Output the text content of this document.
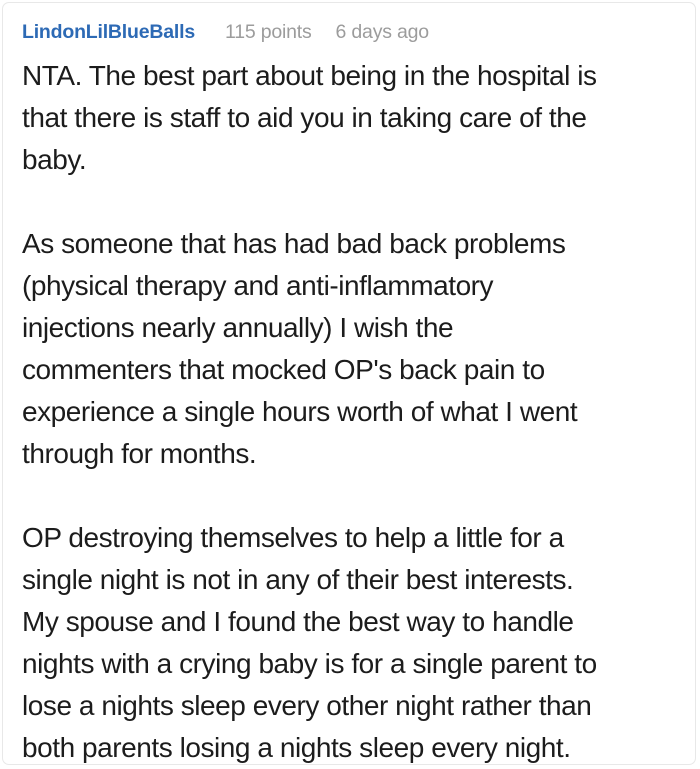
LindonLilBlueBalls 115 points 6 days ago
NTA. The best part about being in the hospital is
that there is staff to aid you in taking care of the
baby.
As someone that has had bad back problems
(physical therapy and anti-inflammatory
injections nearly annually) I wish the
commenters that mocked OP's back pain to
experience a single hours worth of what I went
through for months.
OP destroying themselves to help a little for a
single night is not in any of their best interests.
My spouse and I found the best way to handle
nights with a crying baby is for a single parent to
lose a nights sleep every other night rather than
both parents losing a nights sleep every night.
